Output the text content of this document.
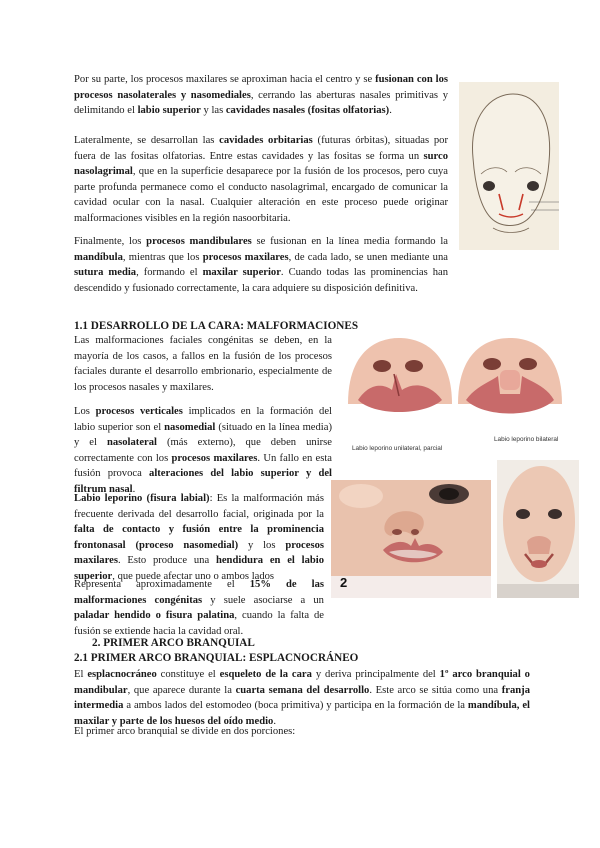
Por su parte, los procesos maxilares se aproximan hacia el centro y se fusionan con los procesos nasolaterales y nasomediales, cerrando las aberturas nasales primitivas y delimitando el labio superior y las cavidades nasales (fositas olfatorias).

Lateralmente, se desarrollan las cavidades orbitarias (futuras órbitas), situadas por fuera de las fositas olfatorias. Entre estas cavidades y las fositas se forma un surco nasolagrimal, que en la superficie desaparece por la fusión de los procesos, pero cuya parte profunda permanece como el conducto nasolagrimal, encargado de comunicar la cavidad ocular con la nasal. Cualquier alteración en este proceso puede originar malformaciones visibles en la región nasoorbitaria.

Finalmente, los procesos mandibulares se fusionan en la línea media formando la mandíbula, mientras que los procesos maxilares, de cada lado, se unen mediante una sutura media, formando el maxilar superior. Cuando todas las prominencias han descendido y fusionado correctamente, la cara adquiere su disposición definitiva.

1.1 DESARROLLO DE LA CARA: MALFORMACIONES

Las malformaciones faciales congénitas se deben, en la mayoría de los casos, a fallos en la fusión de los procesos faciales durante el desarrollo embrionario, especialmente de los procesos nasales y maxilares.

Labio leporino unilateral, parcial
Labio leporino bilateral

Los procesos verticales implicados en la formación del labio superior son el nasomedial (situado en la línea media) y el nasolateral (más externo), que deben unirse correctamente con los procesos maxilares. Un fallo en esta fusión provoca alteraciones del labio superior y del filtrum nasal.

2

Labio leporino (fisura labial): Es la malformación más frecuente derivada del desarrollo facial, originada por la falta de contacto y fusión entre la prominencia frontonasal (proceso nasomedial) y los procesos maxilares. Esto produce una hendidura en el labio superior, que puede afectar uno o ambos lados

Representa aproximadamente el 15% de las malformaciones congénitas y suele asociarse a un paladar hendido o fisura palatina, cuando la falta de fusión se extiende hacia la cavidad oral.

2. PRIMER ARCO BRANQUIAL
2.1 PRIMER ARCO BRANQUIAL: ESPLACNOCRÁNEO

El esplacnocráneo constituye el esqueleto de la cara y deriva principalmente del 1º arco branquial o mandibular, que aparece durante la cuarta semana del desarrollo. Este arco se sitúa como una franja intermedia a ambos lados del estomodeo (boca primitiva) y participa en la formación de la mandíbula, el maxilar y parte de los huesos del oído medio.

El primer arco branquial se divide en dos porciones:
